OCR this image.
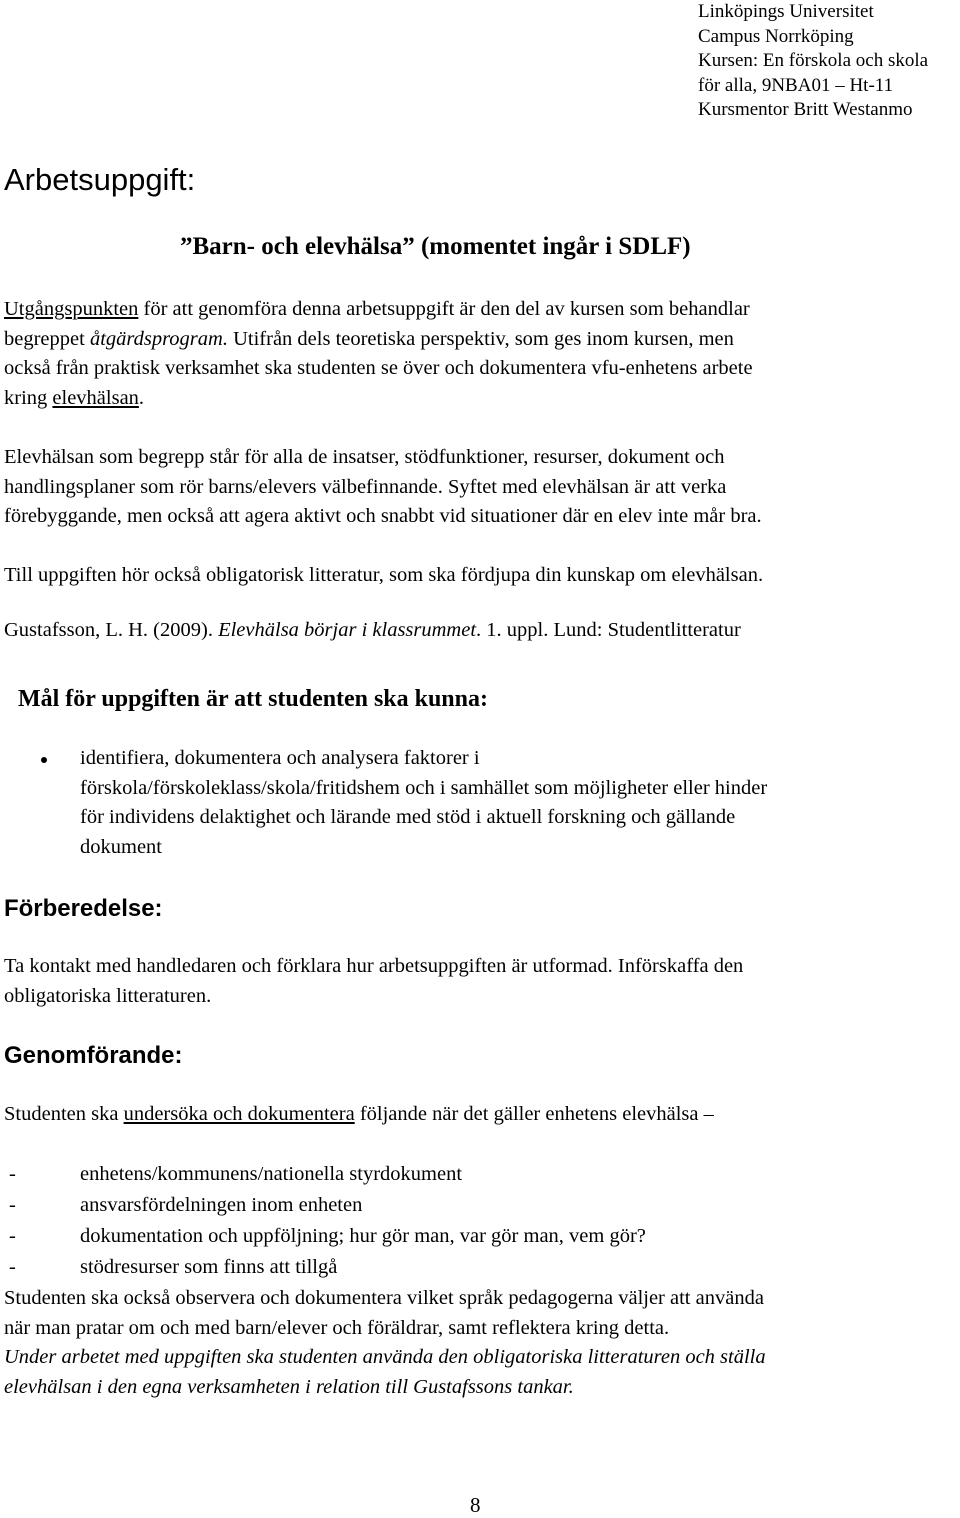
Linköpings Universitet
Campus Norrköping
Kursen: En förskola och skola
för alla, 9NBA01 – Ht-11
Kursmentor Britt Westanmo
Arbetsuppgift:
”Barn- och elevhälsa” (momentet ingår i SDLF)

Utgångspunkten för att genomföra denna arbetsuppgift är den del av kursen som behandlar
begreppet åtgärdsprogram. Utifrån dels teoretiska perspektiv, som ges inom kursen, men
också från praktisk verksamhet ska studenten se över och dokumentera vfu-enhetens arbete
kring elevhälsan.

Elevhälsan som begrepp står för alla de insatser, stödfunktioner, resurser, dokument och
handlingsplaner som rör barns/elevers välbefinnande. Syftet med elevhälsan är att verka
förebyggande, men också att agera aktivt och snabbt vid situationer där en elev inte mår bra.

Till uppgiften hör också obligatorisk litteratur, som ska fördjupa din kunskap om elevhälsan.

Gustafsson, L. H. (2009). Elevhälsa börjar i klassrummet. 1. uppl. Lund: Studentlitteratur

Mål för uppgiften är att studenten ska kunna:
identifiera, dokumentera och analysera faktorer i
förskola/förskoleklass/skola/fritidshem och i samhället som möjligheter eller hinder
för individens delaktighet och lärande med stöd i aktuell forskning och gällande
dokument
Förberedelse:

Ta kontakt med handledaren och förklara hur arbetsuppgiften är utformad. Införskaffa den
obligatoriska litteraturen.

Genomförande:

Studenten ska undersöka och dokumentera följande när det gäller enhetens elevhälsa –

-	enhetens/kommunens/nationella styrdokument
-	ansvarsfördelningen inom enheten
-	dokumentation och uppföljning; hur gör man, var gör man, vem gör?
-	stödresurser som finns att tillgå

Studenten ska också observera och dokumentera vilket språk pedagogerna väljer att använda
när man pratar om och med barn/elever och föräldrar, samt reflektera kring detta.

Under arbetet med uppgiften ska studenten använda den obligatoriska litteraturen och ställa
elevhälsan i den egna verksamheten i relation till Gustafssons tankar.

8
